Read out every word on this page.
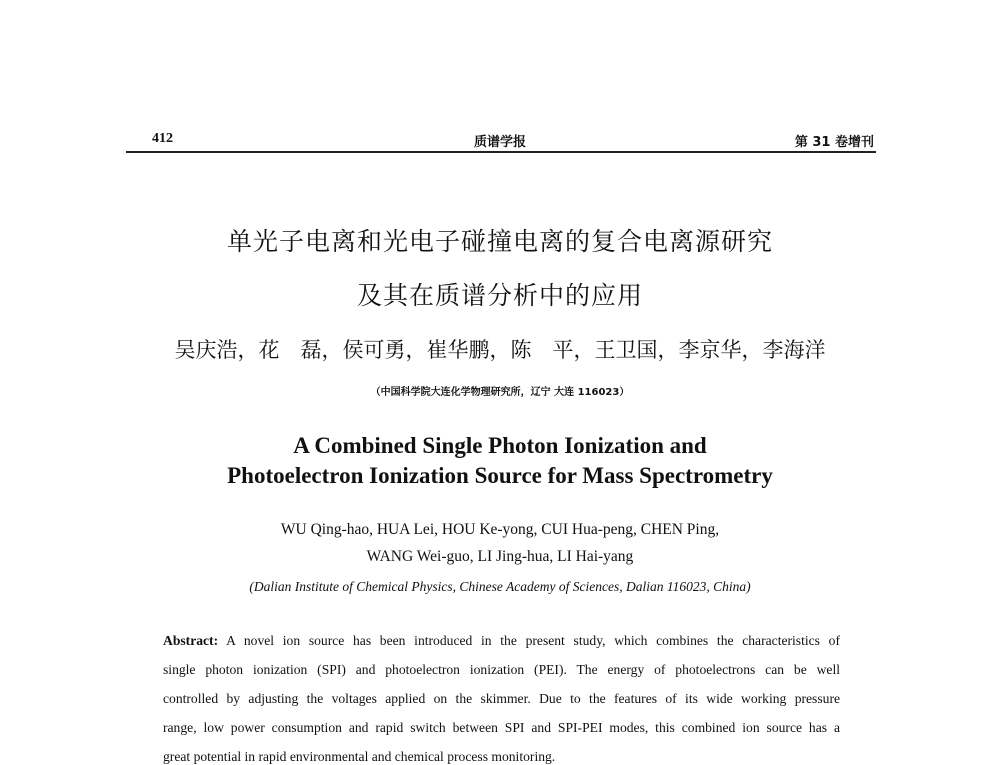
412	质谱学报	第 31 卷增刊
单光子电离和光电子碰撞电离的复合电离源研究
及其在质谱分析中的应用
吴庆浩，花　磊，侯可勇，崔华鹏，陈　平，王卫国，李京华，李海洋
（中国科学院大连化学物理研究所，辽宁 大连 116023）
A Combined Single Photon Ionization and
Photoelectron Ionization Source for Mass Spectrometry
WU Qing-hao, HUA Lei, HOU Ke-yong, CUI Hua-peng, CHEN Ping,
WANG Wei-guo, LI Jing-hua, LI Hai-yang
(Dalian Institute of Chemical Physics, Chinese Academy of Sciences, Dalian 116023, China)
Abstract: A novel ion source has been introduced in the present study, which combines the characteristics of
single photon ionization (SPI) and photoelectron ionization (PEI). The energy of photoelectrons can be well
controlled by adjusting the voltages applied on the skimmer. Due to the features of its wide working pressure
range, low power consumption and rapid switch between SPI and SPI-PEI modes, this combined ion source has a
great potential in rapid environmental and chemical process monitoring.
